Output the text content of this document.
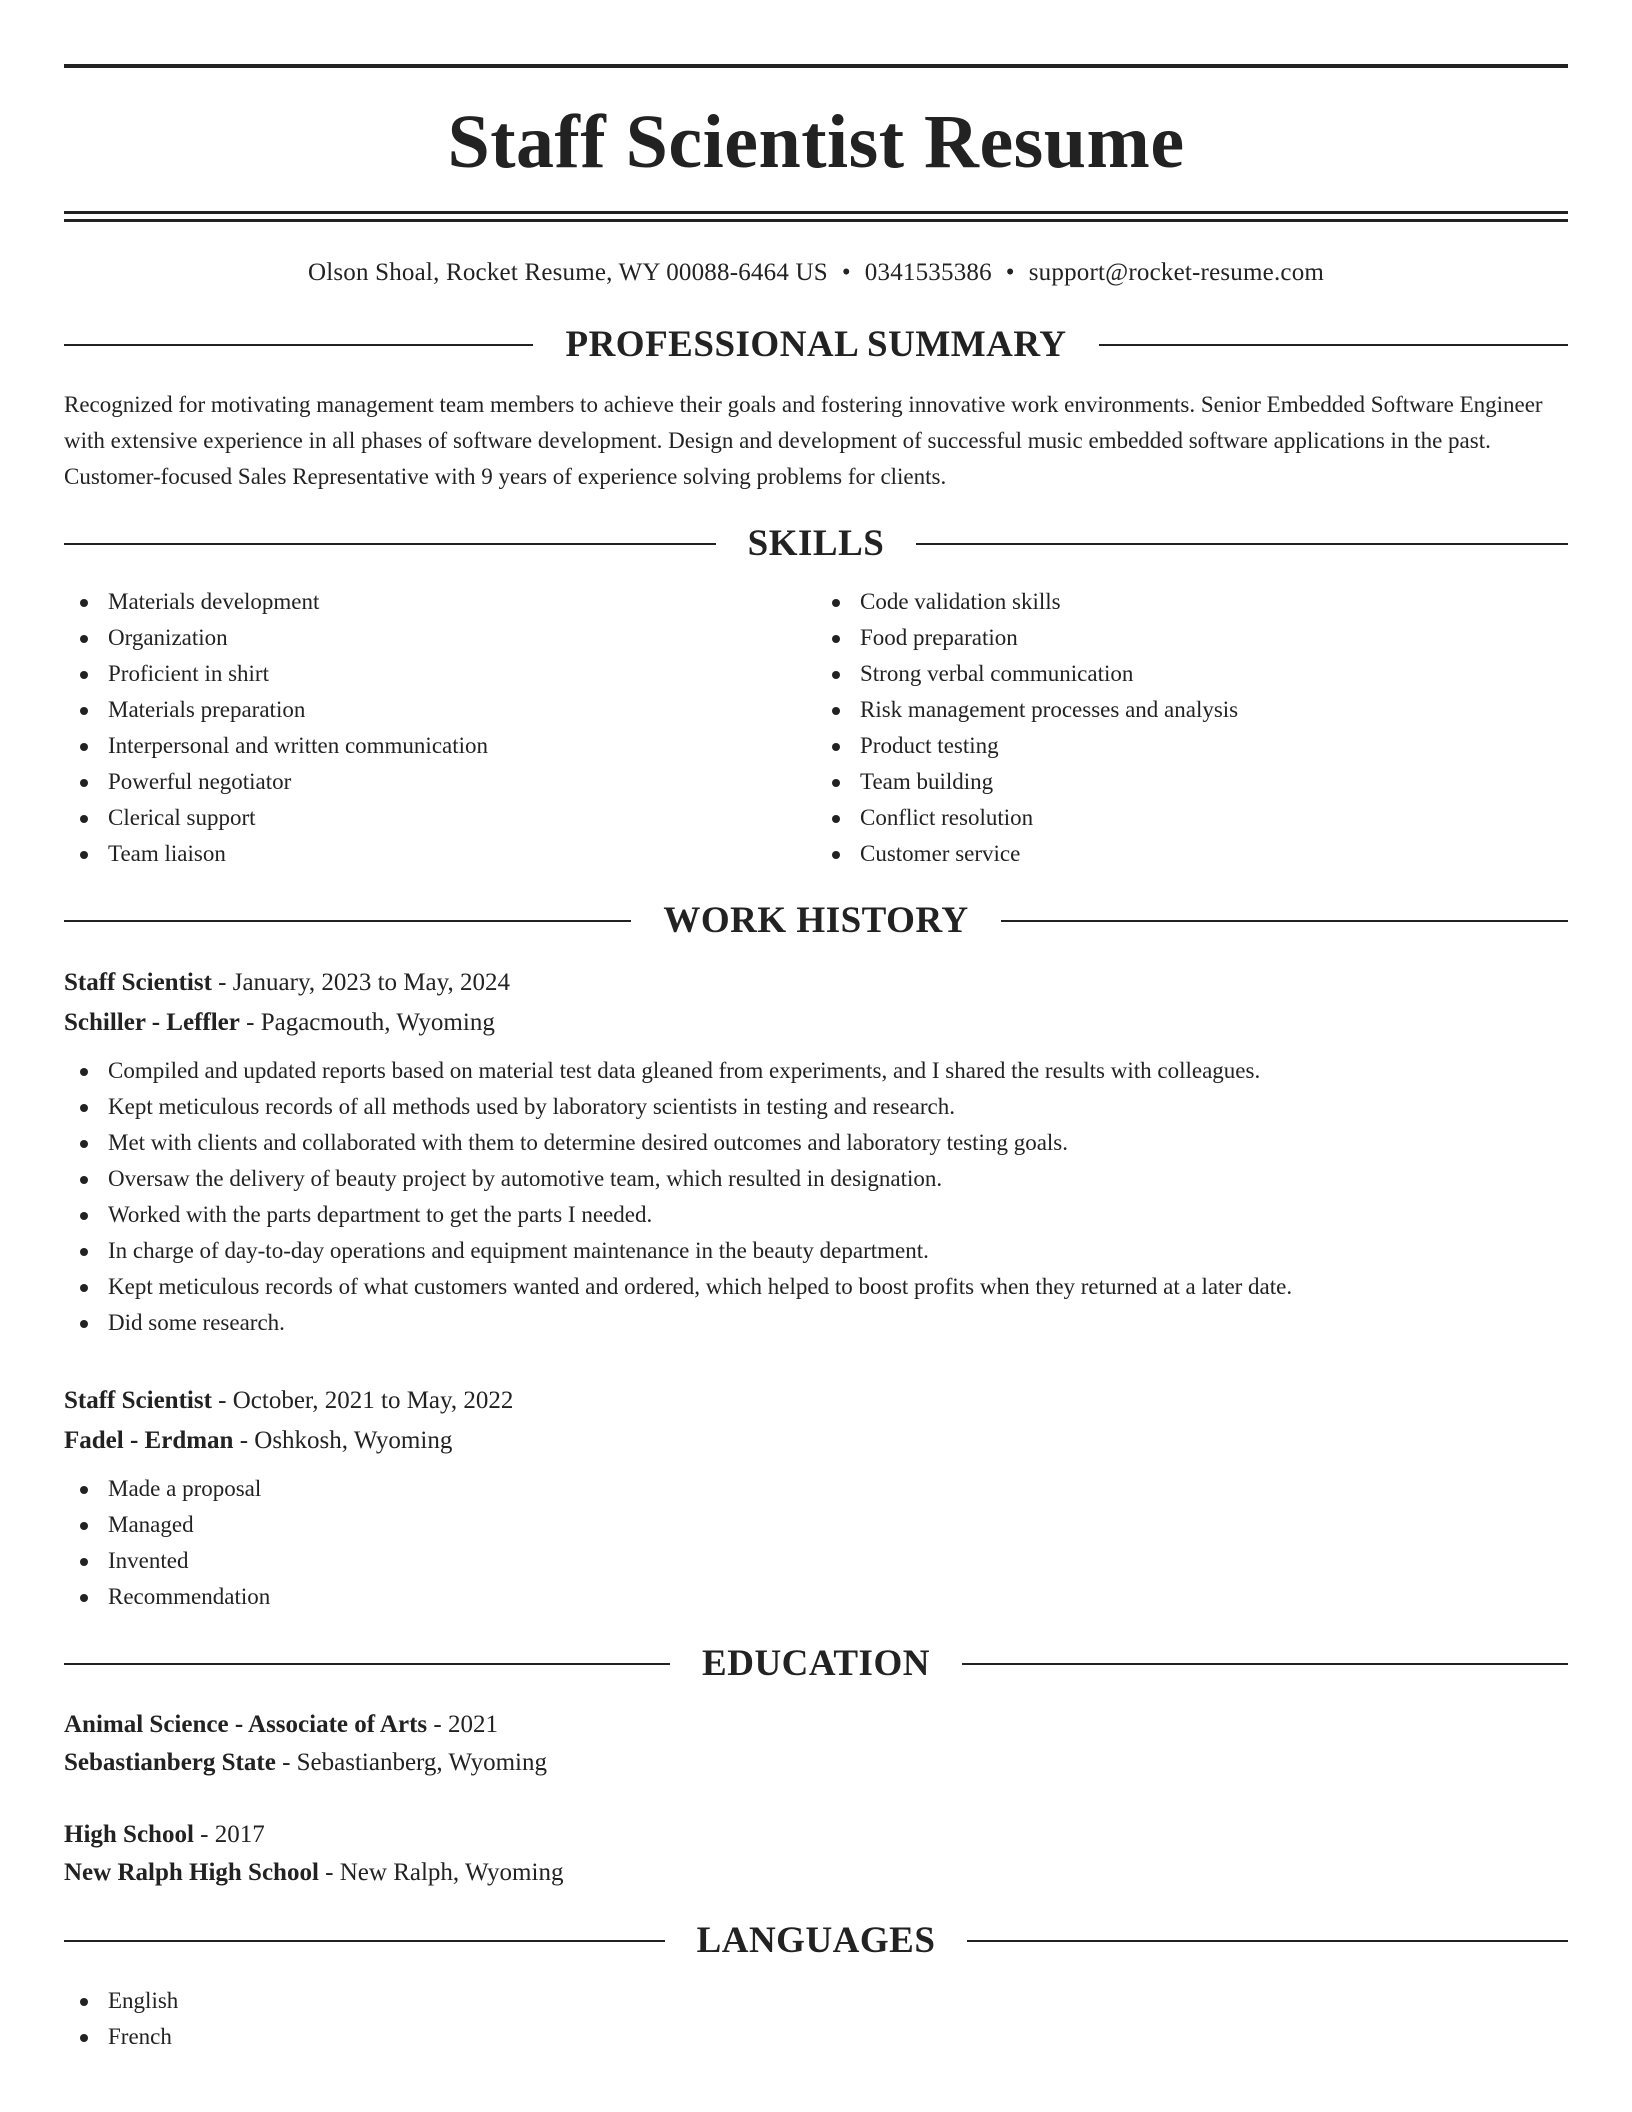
Staff Scientist Resume
Olson Shoal, Rocket Resume, WY 00088-6464 US • 0341535386 • support@rocket-resume.com
PROFESSIONAL SUMMARY

Recognized for motivating management team members to achieve their goals and fostering innovative work environments. Senior Embedded Software Engineer with extensive experience in all phases of software development. Design and development of successful music embedded software applications in the past. Customer-focused Sales Representative with 9 years of experience solving problems for clients.

SKILLS
Materials development
Organization
Proficient in shirt
Materials preparation
Interpersonal and written communication
Powerful negotiator
Clerical support
Team liaison
Code validation skills
Food preparation
Strong verbal communication
Risk management processes and analysis
Product testing
Team building
Conflict resolution
Customer service
WORK HISTORY
Staff Scientist - January, 2023 to May, 2024
Schiller - Leffler - Pagacmouth, Wyoming
Compiled and updated reports based on material test data gleaned from experiments, and I shared the results with colleagues.
Kept meticulous records of all methods used by laboratory scientists in testing and research.
Met with clients and collaborated with them to determine desired outcomes and laboratory testing goals.
Oversaw the delivery of beauty project by automotive team, which resulted in designation.
Worked with the parts department to get the parts I needed.
In charge of day-to-day operations and equipment maintenance in the beauty department.
Kept meticulous records of what customers wanted and ordered, which helped to boost profits when they returned at a later date.
Did some research.
Staff Scientist - October, 2021 to May, 2022
Fadel - Erdman - Oshkosh, Wyoming
Made a proposal
Managed
Invented
Recommendation
EDUCATION
Animal Science - Associate of Arts - 2021
Sebastianberg State - Sebastianberg, Wyoming
High School - 2017
New Ralph High School - New Ralph, Wyoming
LANGUAGES
English
French
